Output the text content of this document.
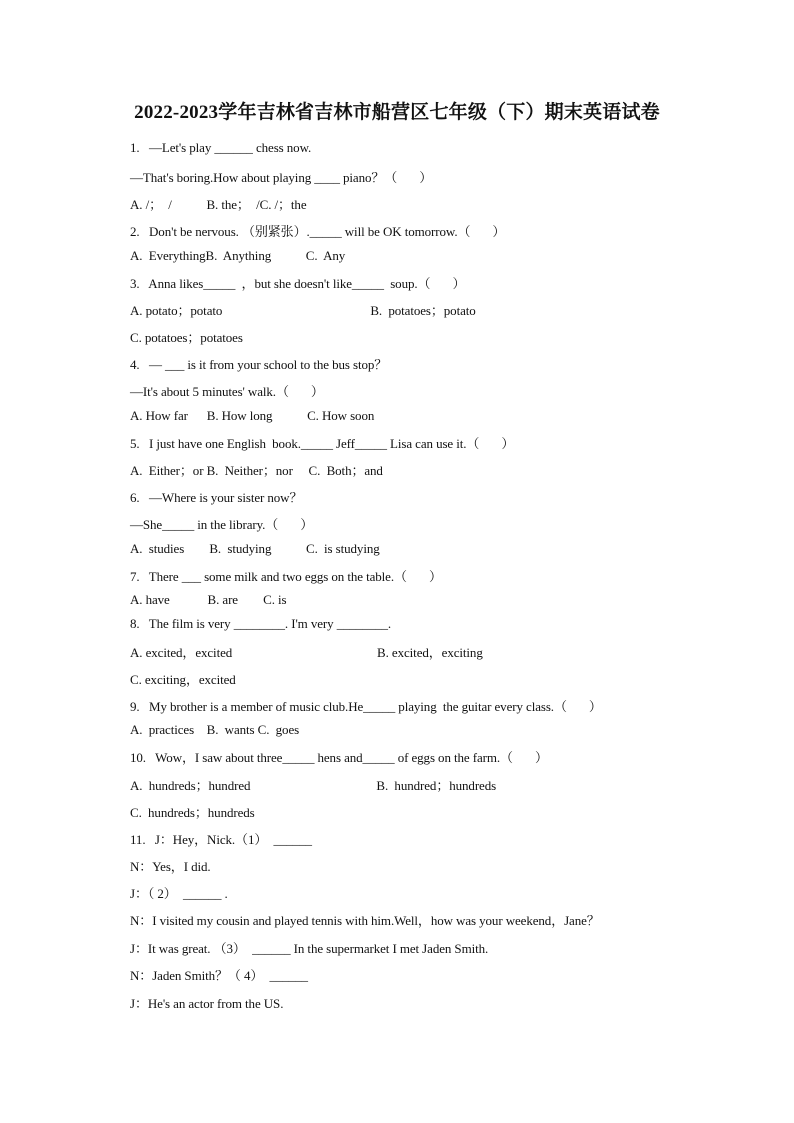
2022-2023学年吉林省吉林市船营区七年级（下）期末英语试卷
1.   —Let's play ______ chess now.
—That's boring.How about playing ____ piano？（       ）
A. /；  /           B. the；  /C. /；the
2.   Don't be nervous. （别紧张）._____ will be OK tomorrow.（       ）
A.  EverythingB.  Anything           C.  Any
3.   Anna likes_____  ，but she doesn't like_____  soup.（       ）
A. potato；potato                                               B.  potatoes；potato
C. potatoes；potatoes
4.   — ___ is it from your school to the bus stop？
—It's about 5 minutes' walk.（       ）
A. How far      B. How long           C. How soon
5.   I just have one English  book._____ Jeff_____ Lisa can use it.（       ）
A.  Either；or B.  Neither；nor     C.  Both；and
6.   —Where is your sister now？
—She_____ in the library.（       ）
A.  studies        B.  studying           C.  is studying
7.   There ___ some milk and two eggs on the table.（       ）
A. have            B. are        C. is
8.   The film is very ________. I'm very ________.
A. excited，excited                                              B. excited，exciting
C. exciting，excited
9.   My brother is a member of music club.He_____ playing  the guitar every class.（       ）
A.  practices    B.  wants C.  goes
10.   Wow，I saw about three_____ hens and_____ of eggs on the farm.（       ）
A.  hundreds；hundred                                        B.  hundred；hundreds
C.  hundreds；hundreds
11.   J：Hey，Nick.（1）  ______
N：Yes，I did.
J：（ 2）  ______ .
N：I visited my cousin and played tennis with him.Well，how was your weekend，Jane？
J：It was great. （3）  ______ In the supermarket I met Jaden Smith.
N：Jaden Smith？（ 4）  ______
J：He's an actor from the US.
